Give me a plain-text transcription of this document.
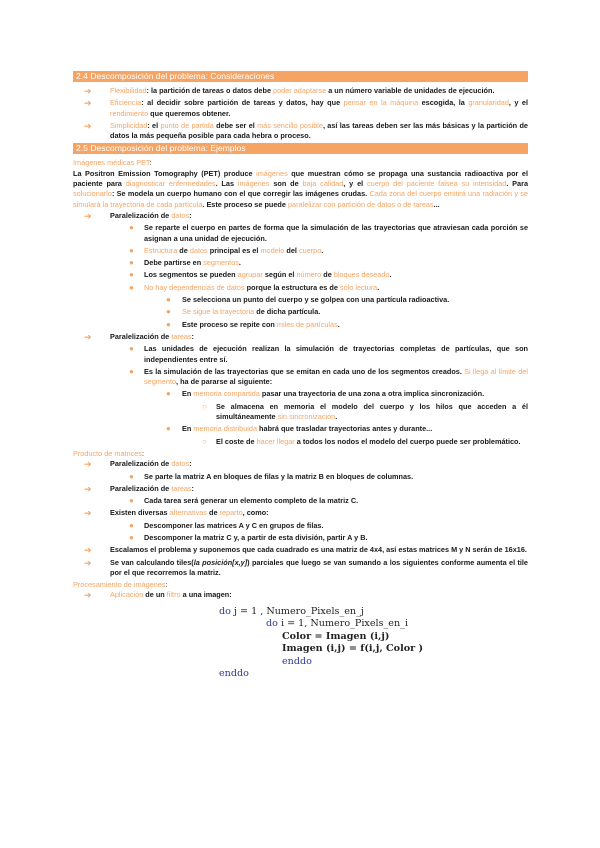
2.4 Descomposición del problema: Consideraciones
➔	Flexibilidad: la partición de tareas o datos debe poder adaptarse a un número variable de unidades de ejecución.
➔	Eficiencia: al decidir sobre partición de tareas y datos, hay que pensar en la máquina escogida, la granularidad, y el rendimiento que queremos obtener.
➔	Simplicidad: el punto de partida debe ser el más sencillo posible, así las tareas deben ser las más básicas y la partición de datos la más pequeña posible para cada hebra o proceso.
2.5 Descomposición del problema: Ejemplos
Imágenes médicas PET:
La Positron Emission Tomography (PET) produce imágenes que muestran cómo se propaga una sustancia radioactiva por el paciente para diagnosticar enfermedades. Las imágenes son de baja calidad, y el cuerpo del paciente falsea su intensidad. Para solucionarlo: Se modela un cuerpo humano con el que corregir las imágenes crudas. Cada zona del cuerpo emitirá una radiación y se simulará la trayectoria de cada partícula. Este proceso se puede paralelizar con partición de datos o de tareas...
➔	Paralelización de datos:
● Se reparte el cuerpo en partes de forma que la simulación de las trayectorias que atraviesan cada porción se asignan a una unidad de ejecución.
● Estructura de datos principal es el modelo del cuerpo.
● Debe partirse en segmentos.
● Los segmentos se pueden agrupar según el número de bloques deseado.
● No hay dependencias de datos porque la estructura es de sólo lectura.
● Se selecciona un punto del cuerpo y se golpea con una partícula radioactiva.
● Se sigue la trayectoria de dicha partícula.
● Este proceso se repite con miles de partículas.
➔	Paralelización de tareas:
● Las unidades de ejecución realizan la simulación de trayectorias completas de partículas, que son independientes entre sí.
● Es la simulación de las trayectorias que se emitan en cada uno de los segmentos creados. Si llega al límite del segmento, ha de pararse al siguiente:
● En memoria compartida pasar una trayectoria de una zona a otra implica sincronización.
○ Se almacena en memoria el modelo del cuerpo y los hilos que acceden a él simultáneamente sin sincronización.
● En memoria distribuida habrá que trasladar trayectorias antes y durante...
○ El coste de hacer llegar a todos los nodos el modelo del cuerpo puede ser problemático.
Producto de matrices:
➔	Paralelización de datos:
● Se parte la matriz A en bloques de filas y la matriz B en bloques de columnas.
➔	Paralelización de tareas:
● Cada tarea será generar un elemento completo de la matriz C.
➔	Existen diversas alternativas de reparto, como:
● Descomponer las matrices A y C en grupos de filas.
● Descomponer la matriz C y, a partir de esta división, partir A y B.
➔	Escalamos el problema y suponemos que cada cuadrado es una matriz de 4x4, así estas matrices M y N serán de 16x16.
➔	Se van calculando tiles(la posición[x,y]) parciales que luego se van sumando a los siguientes conforme aumenta el tile por el que recorremos la matriz.
Procesamiento de imágenes:
➔	Aplicación de un filtro a una imagen:
do j = 1 , Numero_Pixels_en_j
do i = 1, Numero_Pixels_en_i
Color = Imagen (i,j)
Imagen (i,j) = f(i,j, Color )
enddo
enddo
